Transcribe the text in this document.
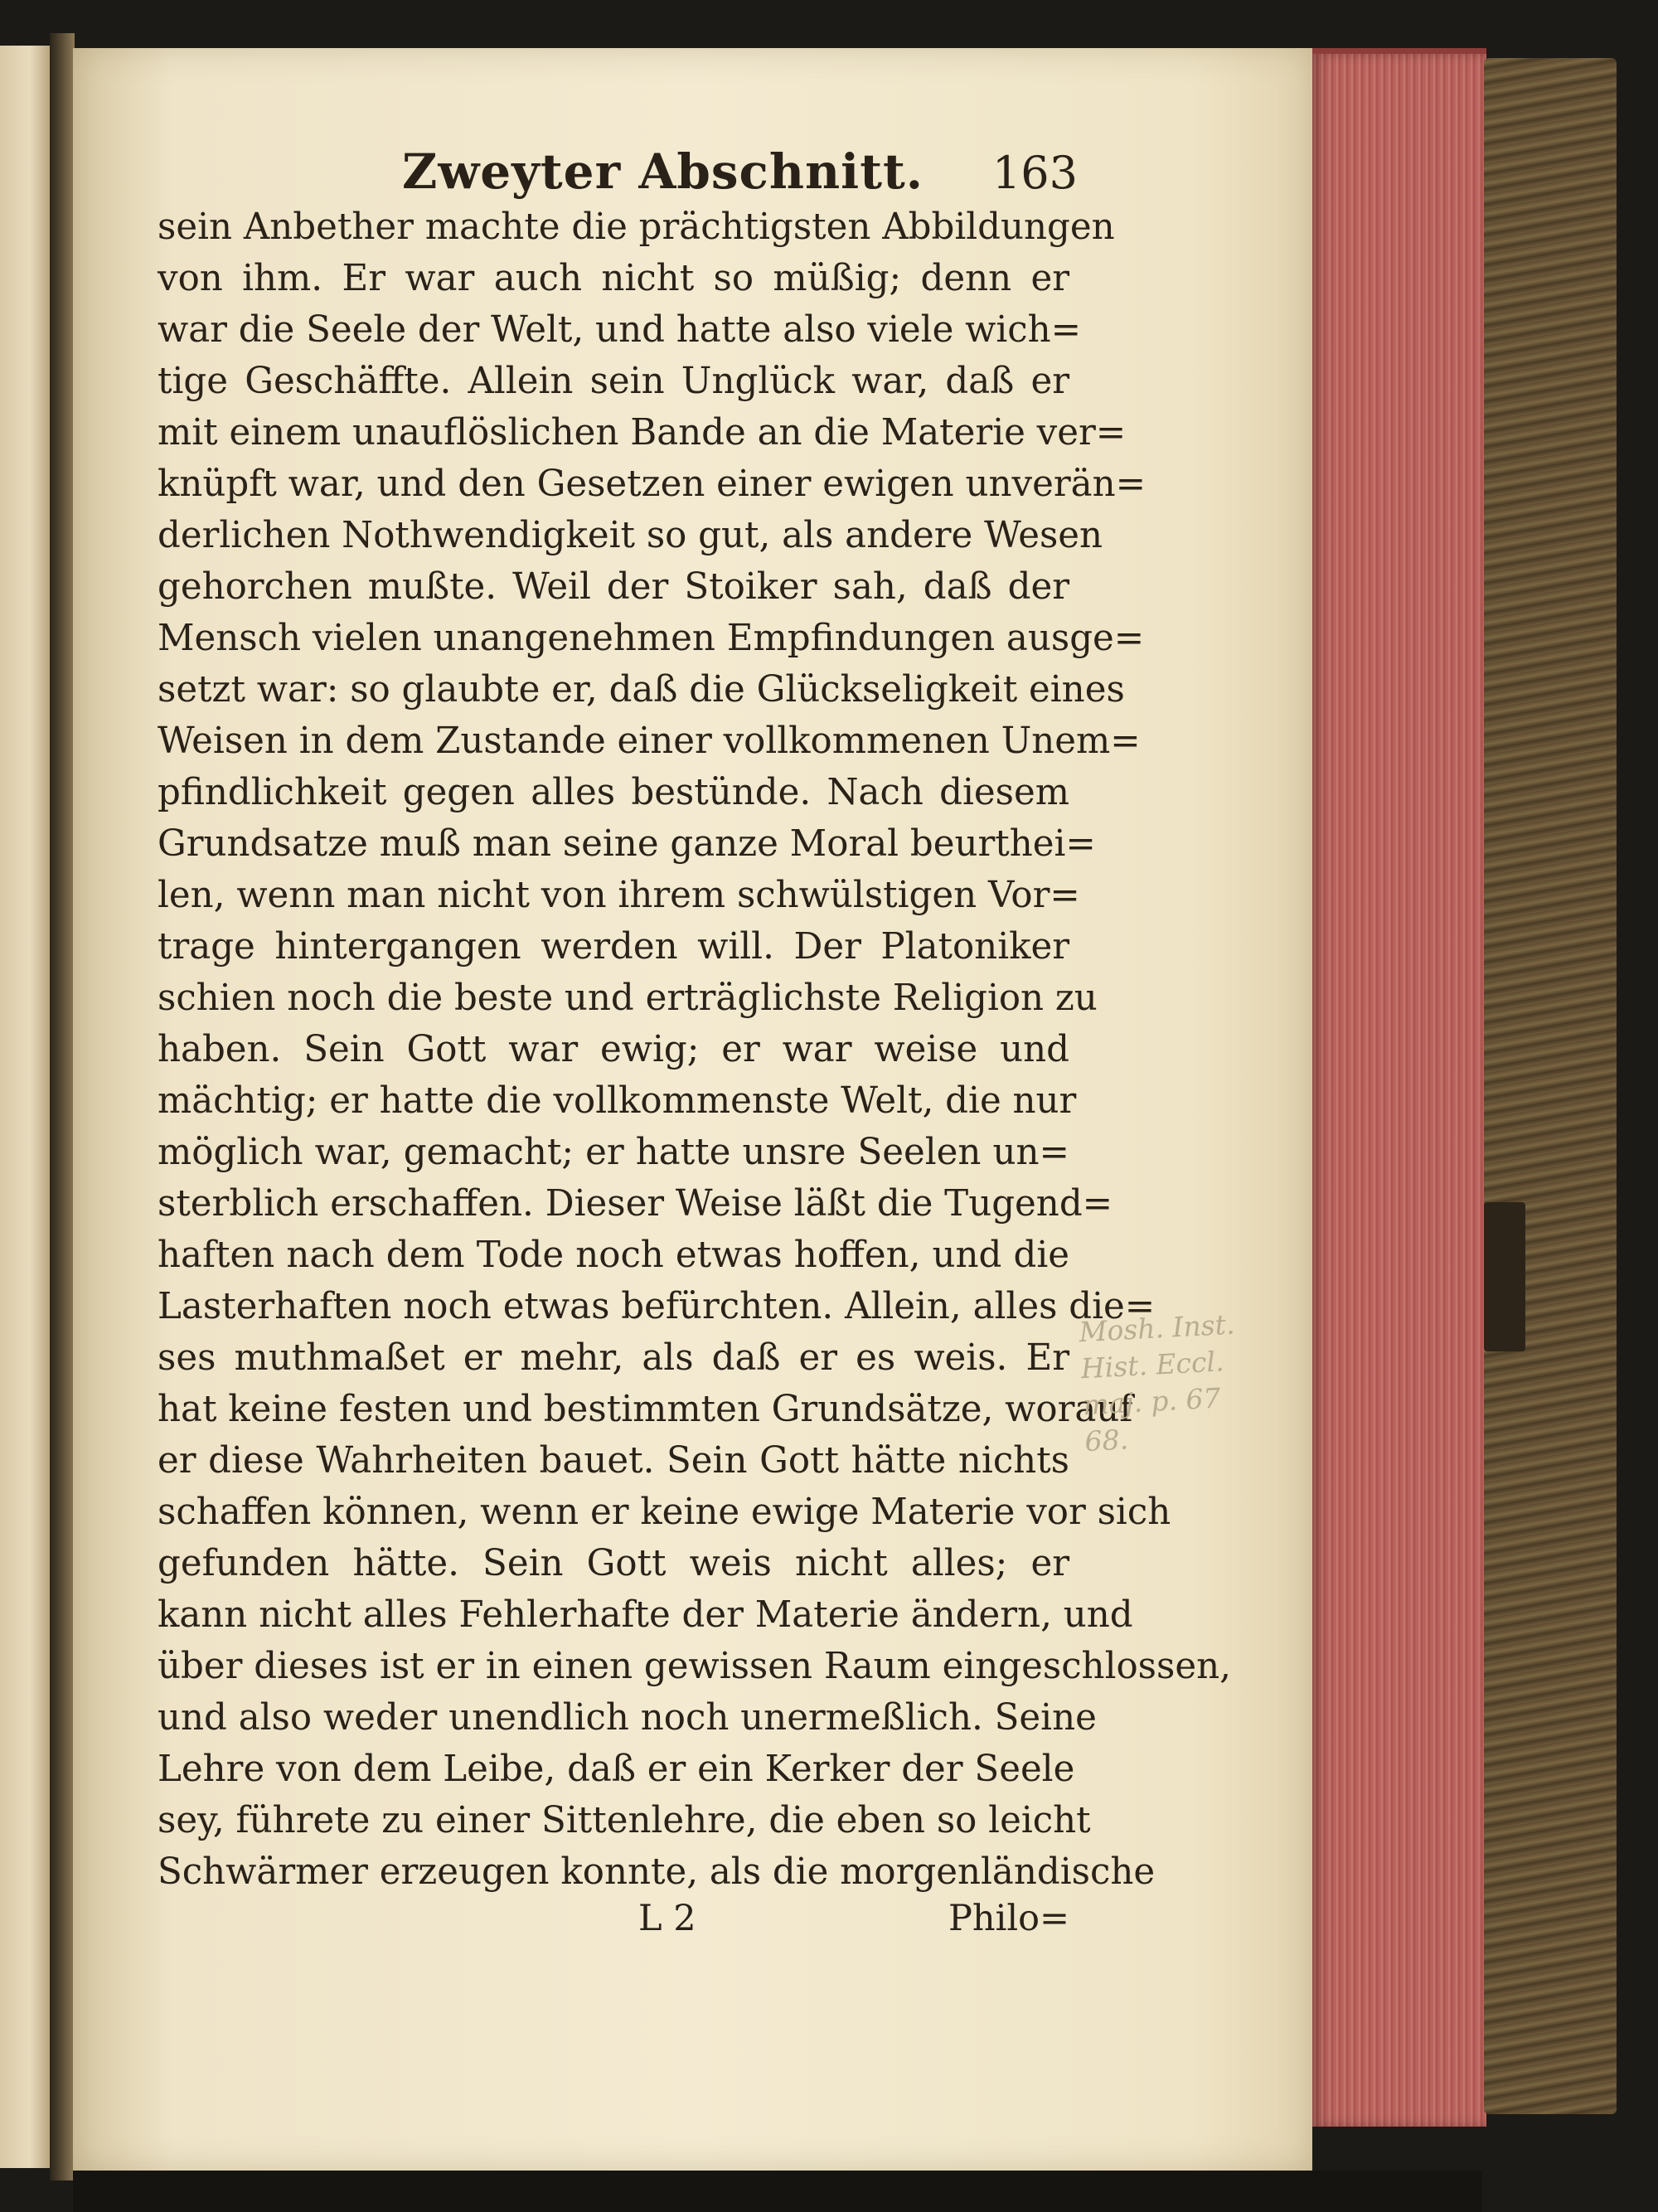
Zweyter Abschnitt. 163
sein Anbether machte die prächtigsten Abbildungen
von ihm. Er war auch nicht so müßig; denn er
war die Seele der Welt, und hatte also viele wich=
tige Geschäffte. Allein sein Unglück war, daß er
mit einem unauflöslichen Bande an die Materie ver=
knüpft war, und den Gesetzen einer ewigen unverän=
derlichen Nothwendigkeit so gut, als andere Wesen
gehorchen mußte. Weil der Stoiker sah, daß der
Mensch vielen unangenehmen Empfindungen ausge=
setzt war: so glaubte er, daß die Glückseligkeit eines
Weisen in dem Zustande einer vollkommenen Unem=
pfindlichkeit gegen alles bestünde. Nach diesem
Grundsatze muß man seine ganze Moral beurthei=
len, wenn man nicht von ihrem schwülstigen Vor=
trage hintergangen werden will. Der Platoniker
schien noch die beste und erträglichste Religion zu
haben. Sein Gott war ewig; er war weise und
mächtig; er hatte die vollkommenste Welt, die nur
möglich war, gemacht; er hatte unsre Seelen un=
sterblich erschaffen. Dieser Weise läßt die Tugend=
haften nach dem Tode noch etwas hoffen, und die
Lasterhaften noch etwas befürchten. Allein, alles die=
ses muthmaßet er mehr, als daß er es weis. Er
hat keine festen und bestimmten Grundsätze, worauf
er diese Wahrheiten bauet. Sein Gott hätte nichts
schaffen können, wenn er keine ewige Materie vor sich
gefunden hätte. Sein Gott weis nicht alles; er
kann nicht alles Fehlerhafte der Materie ändern, und
über dieses ist er in einen gewissen Raum eingeschlossen,
und also weder unendlich noch unermeßlich. Seine
Lehre von dem Leibe, daß er ein Kerker der Seele
sey, führete zu einer Sittenlehre, die eben so leicht
Schwärmer erzeugen konnte, als die morgenländische
L 2	Philo=
Mosh. Inst.
Hist. Eccl.
maj. p. 67
68.
